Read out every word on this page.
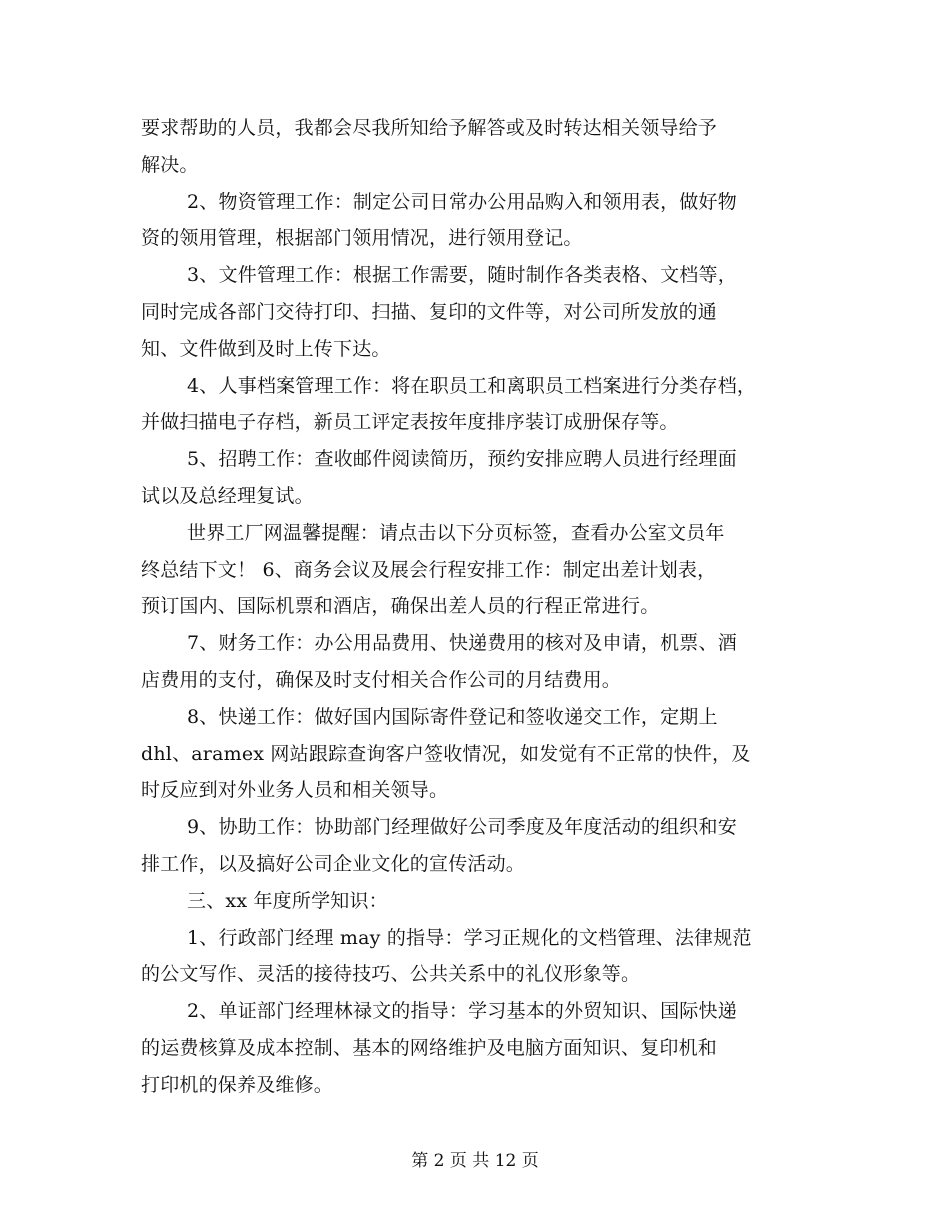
要求帮助的人员，我都会尽我所知给予解答或及时转达相关领导给予
解决。
2、物资管理工作：制定公司日常办公用品购入和领用表，做好物
资的领用管理，根据部门领用情况，进行领用登记。
3、文件管理工作：根据工作需要，随时制作各类表格、文档等，
同时完成各部门交待打印、扫描、复印的文件等，对公司所发放的通
知、文件做到及时上传下达。
4、人事档案管理工作：将在职员工和离职员工档案进行分类存档，
并做扫描电子存档，新员工评定表按年度排序装订成册保存等。
5、招聘工作：查收邮件阅读简历，预约安排应聘人员进行经理面
试以及总经理复试。
世界工厂网温馨提醒：请点击以下分页标签，查看办公室文员年
终总结下文！ 6、商务会议及展会行程安排工作：制定出差计划表，
预订国内、国际机票和酒店，确保出差人员的行程正常进行。
7、财务工作：办公用品费用、快递费用的核对及申请，机票、酒
店费用的支付，确保及时支付相关合作公司的月结费用。
8、快递工作：做好国内国际寄件登记和签收递交工作，定期上
dhl、aramex 网站跟踪查询客户签收情况，如发觉有不正常的快件，及
时反应到对外业务人员和相关领导。
9、协助工作：协助部门经理做好公司季度及年度活动的组织和安
排工作，以及搞好公司企业文化的宣传活动。
三、xx 年度所学知识：
1、行政部门经理 may 的指导：学习正规化的文档管理、法律规范
的公文写作、灵活的接待技巧、公共关系中的礼仪形象等。
2、单证部门经理林禄文的指导：学习基本的外贸知识、国际快递
的运费核算及成本控制、基本的网络维护及电脑方面知识、复印机和
打印机的保养及维修。
第 2 页 共 12 页
